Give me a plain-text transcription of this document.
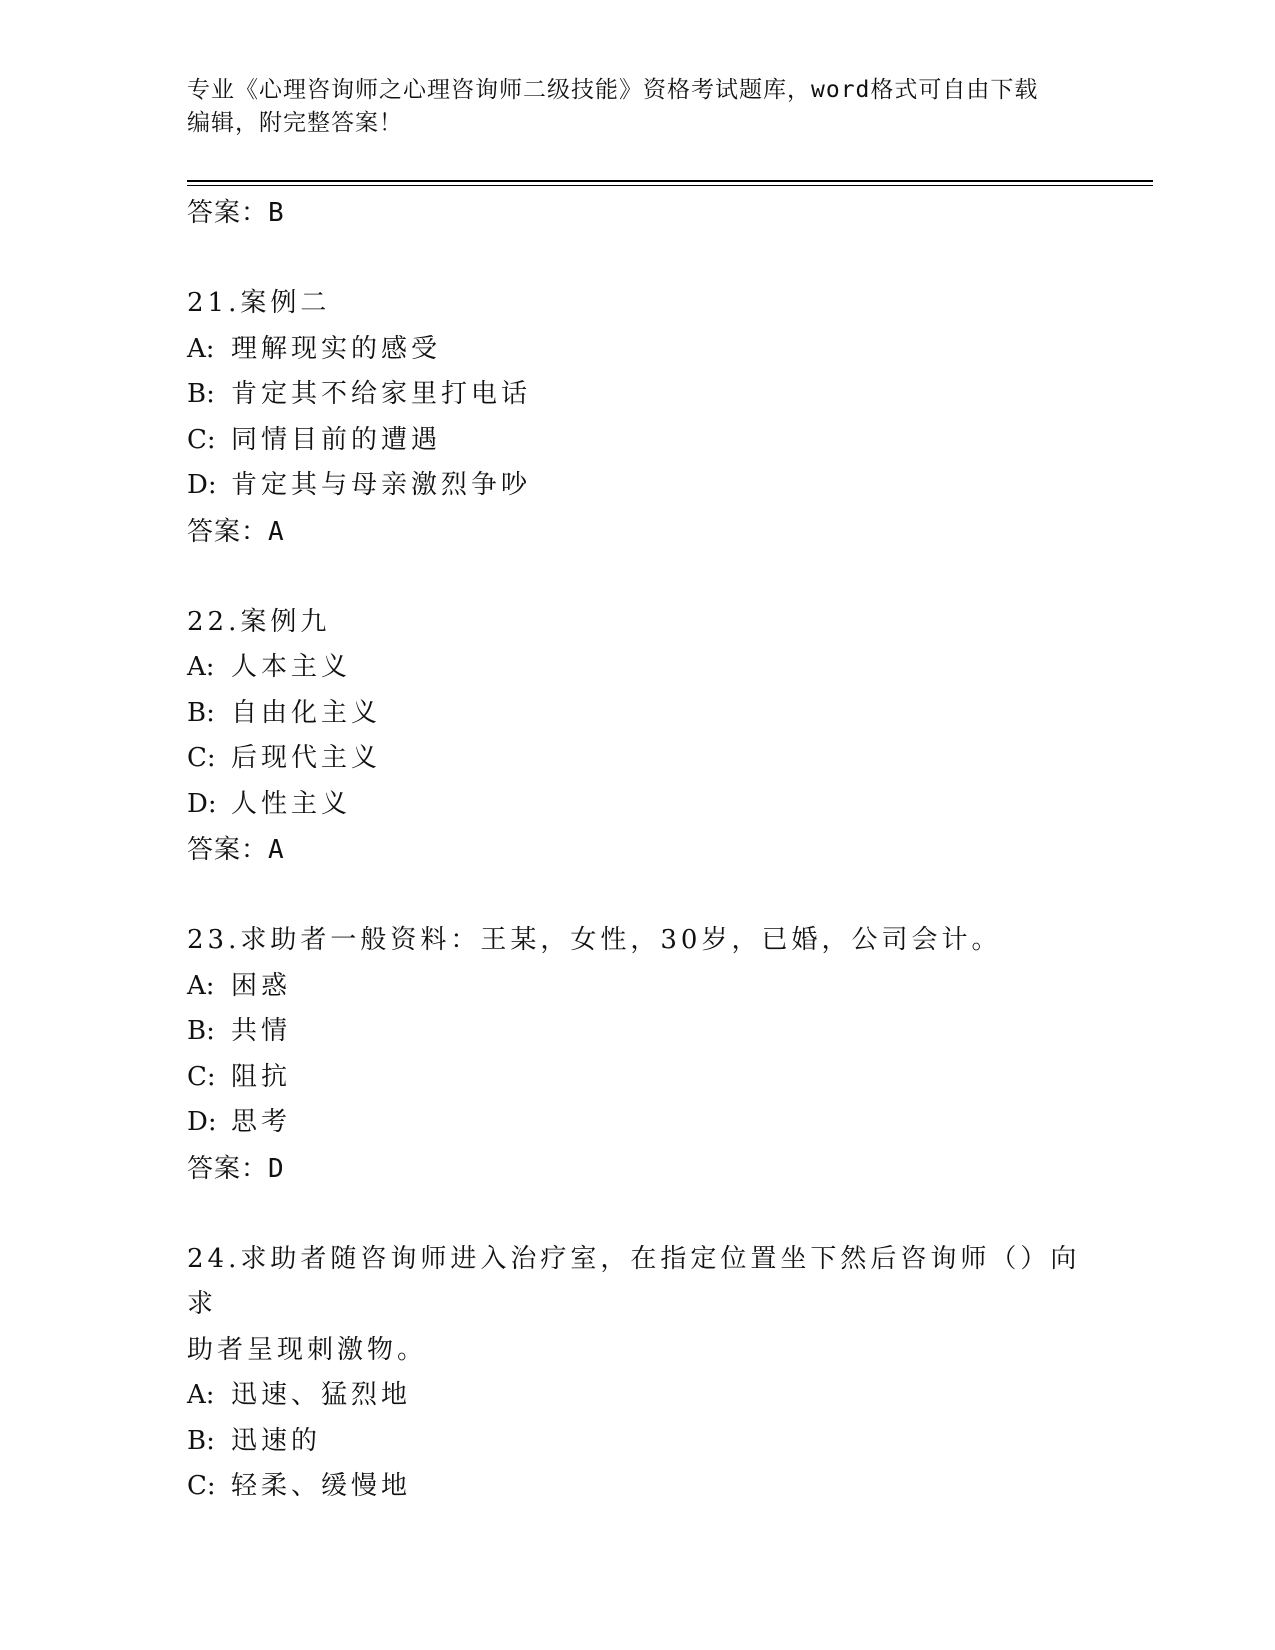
专业《心理咨询师之心理咨询师二级技能》资格考试题库，word格式可自由下载
编辑，附完整答案！
答案：B
21.案例二
A: 理解现实的感受
B: 肯定其不给家里打电话
C: 同情目前的遭遇
D: 肯定其与母亲激烈争吵
答案：A
22.案例九
A: 人本主义
B: 自由化主义
C: 后现代主义
D: 人性主义
答案：A
23.求助者一般资料：王某，女性，30岁，已婚，公司会计。
A: 困惑
B: 共情
C: 阻抗
D: 思考
答案：D
24.求助者随咨询师进入治疗室，在指定位置坐下然后咨询师（）向求
助者呈现刺激物。
A: 迅速、猛烈地
B: 迅速的
C: 轻柔、缓慢地
